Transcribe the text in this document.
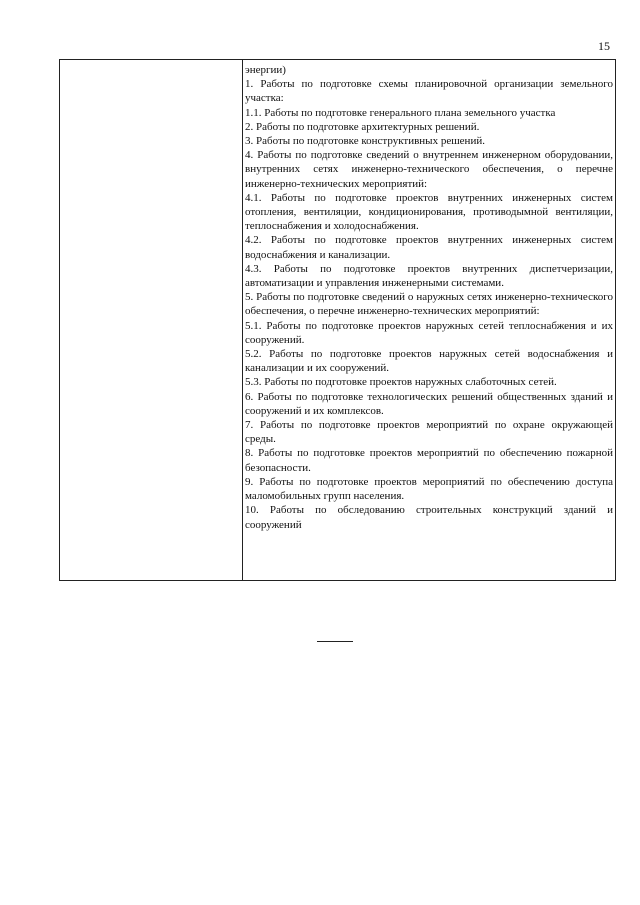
15

энергии)

1. Работы по подготовке схемы планировочной организации земельного участка:

1.1. Работы по подготовке генерального плана земельного участка

2. Работы по подготовке архитектурных решений.

3. Работы по подготовке конструктивных решений.

4. Работы по подготовке сведений о внутреннем инженерном оборудовании, внутренних сетях инженерно-технического обеспечения, о перечне инженерно-технических мероприятий:

4.1. Работы по подготовке проектов внутренних инженерных систем отопления, вентиляции, кондиционирования, противодымной вентиляции, теплоснабжения и холодоснабжения.

4.2. Работы по подготовке проектов внутренних инженерных систем водоснабжения и канализации.

4.3. Работы по подготовке проектов внутренних диспетчеризации, автоматизации и управления инженерными системами.

5. Работы по подготовке сведений о наружных сетях инженерно-технического обеспечения, о перечне инженерно-технических мероприятий:

5.1. Работы по подготовке проектов наружных сетей теплоснабжения и их сооружений.

5.2. Работы по подготовке проектов наружных сетей водоснабжения и канализации и их сооружений.

5.3. Работы по подготовке проектов наружных слаботочных сетей.

6. Работы по подготовке технологических решений общественных зданий и сооружений и их комплексов.

7. Работы по подготовке проектов мероприятий по охране окружающей среды.

8. Работы по подготовке проектов мероприятий по обеспечению пожарной безопасности.

9. Работы по подготовке проектов мероприятий по обеспечению доступа маломобильных групп населения.

10. Работы по обследованию строительных конструкций зданий и сооружений
